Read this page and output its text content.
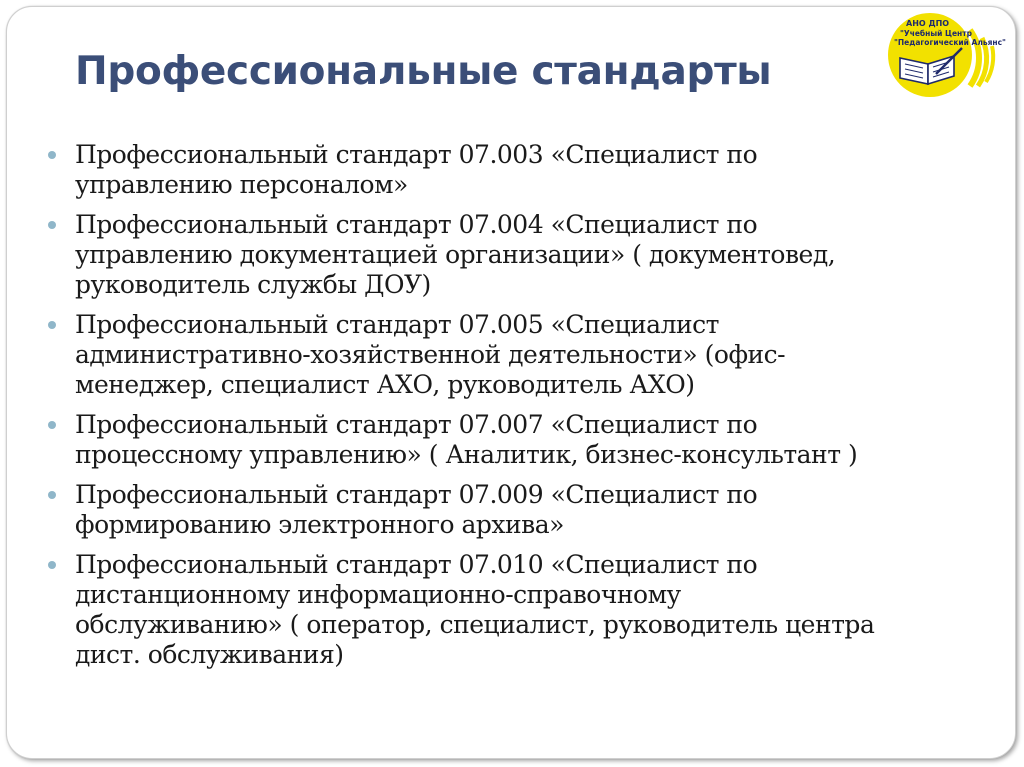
Профессиональные стандарты
АНО ДПО
"Учебный Центр
"Педагогический Альянс"
Профессиональный стандарт 07.003 «Специалист по
управлению персоналом»
Профессиональный стандарт 07.004 «Специалист по
управлению документацией организации» ( документовед,
руководитель службы ДОУ)
Профессиональный стандарт 07.005 «Специалист
административно-хозяйственной деятельности» (офис-
менеджер, специалист АХО, руководитель АХО)
Профессиональный стандарт 07.007 «Специалист по
процессному управлению» ( Аналитик, бизнес-консультант )
Профессиональный стандарт 07.009 «Специалист по
формированию электронного архива»
Профессиональный стандарт 07.010 «Специалист по
дистанционному информационно-справочному
обслуживанию» ( оператор, специалист, руководитель центра
дист. обслуживания)
